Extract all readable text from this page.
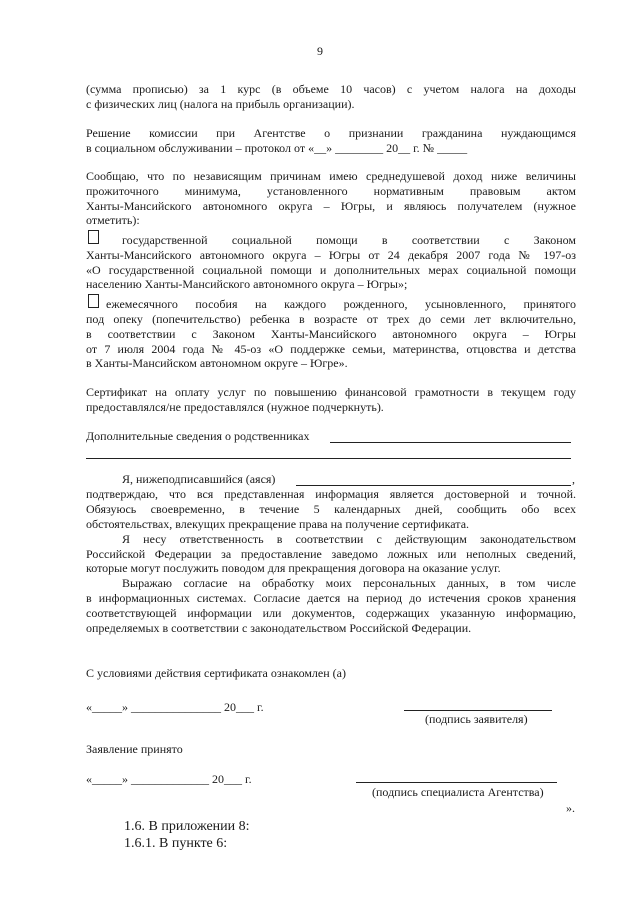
9
(сумма прописью) за 1 курс (в объеме 10 часов) с учетом налога на доходы
с физических лиц (налога на прибыль организации).
Решение комиссии при Агентстве о признании гражданина нуждающимся
в социальном обслуживании – протокол от «__» ________ 20__ г. № _____
Сообщаю, что по независящим причинам имею среднедушевой доход ниже величины
прожиточного минимума, установленного нормативным правовым актом
Ханты-Мансийского автономного округа – Югры, и являюсь получателем (нужное
отметить):
государственной социальной помощи в соответствии с Законом
Ханты-Мансийского автономного округа – Югры от 24 декабря 2007 года № 197-оз
«О государственной социальной помощи и дополнительных мерах социальной помощи
населению Ханты-Мансийского автономного округа – Югры»;
ежемесячного пособия на каждого рожденного, усыновленного, принятого
под опеку (попечительство) ребенка в возрасте от трех до семи лет включительно,
в соответствии с Законом Ханты-Мансийского автономного округа – Югры
от 7 июля 2004 года № 45-оз «О поддержке семьи, материнства, отцовства и детства
в Ханты-Мансийском автономном округе – Югре».
Сертификат на оплату услуг по повышению финансовой грамотности в текущем году
предоставлялся/не предоставлялся (нужное подчеркнуть).
Дополнительные сведения о родственниках
Я, нижеподписавшийся (аяся)	,
подтверждаю, что вся представленная информация является достоверной и точной.
Обязуюсь своевременно, в течение 5 календарных дней, сообщить обо всех
обстоятельствах, влекущих прекращение права на получение сертификата.
Я несу ответственность в соответствии с действующим законодательством
Российской Федерации за предоставление заведомо ложных или неполных сведений,
которые могут послужить поводом для прекращения договора на оказание услуг.
Выражаю согласие на обработку моих персональных данных, в том числе
в информационных системах. Согласие дается на период до истечения сроков хранения
соответствующей информации или документов, содержащих указанную информацию,
определяемых в соответствии с законодательством Российской Федерации.
С условиями действия сертификата ознакомлен (а)
«_____» _______________ 20___ г.
(подпись заявителя)
Заявление принято
«_____» _____________ 20___ г.
(подпись специалиста Агентства)
».
1.6. В приложении 8:
1.6.1. В пункте 6:
